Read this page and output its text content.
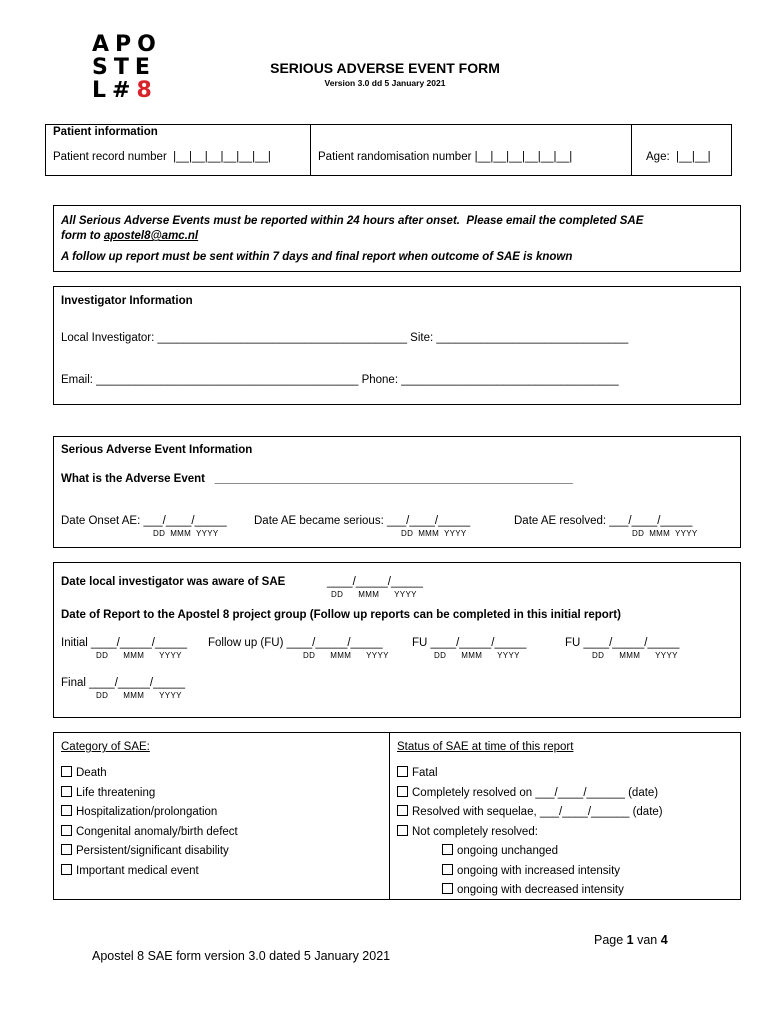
APO
STE
L#8
SERIOUS ADVERSE EVENT FORM
Version 3.0 dd 5 January 2021
Patient information
Patient record number  |__|__|__|__|__|__|	Patient randomisation number |__|__|__|__|__|__|	Age:  |__|__|
All Serious Adverse Events must be reported within 24 hours after onset.  Please email the completed SAE
form to apostel8@amc.nl
A follow up report must be sent within 7 days and final report when outcome of SAE is known
Investigator Information
Local Investigator: _______________________________________ Site: ______________________________
Email: _________________________________________ Phone: __________________________________
Serious Adverse Event Information
What is the Adverse Event   ________________________________________________________
Date Onset AE: ___/____/_____
DD  MMM  YYYY
Date AE became serious: ___/____/_____
DD  MMM  YYYY
Date AE resolved: ___/____/_____
DD  MMM  YYYY
Date local investigator was aware of SAE	____/_____/_____
DD      MMM      YYYY
Date of Report to the Apostel 8 project group (Follow up reports can be completed in this initial report)
Initial ____/_____/_____
DD      MMM      YYYY
Follow up (FU) ____/_____/_____
DD      MMM      YYYY
FU ____/_____/_____
DD      MMM      YYYY
FU ____/_____/_____
DD      MMM      YYYY
Final ____/_____/_____
DD      MMM      YYYY
Category of SAE:	Status of SAE at time of this report
Death
Life threatening
Hospitalization/prolongation
Congenital anomaly/birth defect
Persistent/significant disability
Important medical event
Fatal
Completely resolved on ___/____/______ (date)
Resolved with sequelae, ___/____/______ (date)
Not completely resolved:
ongoing unchanged
ongoing with increased intensity
ongoing with decreased intensity
Page 1 van 4
Apostel 8 SAE form version 3.0 dated 5 January 2021
